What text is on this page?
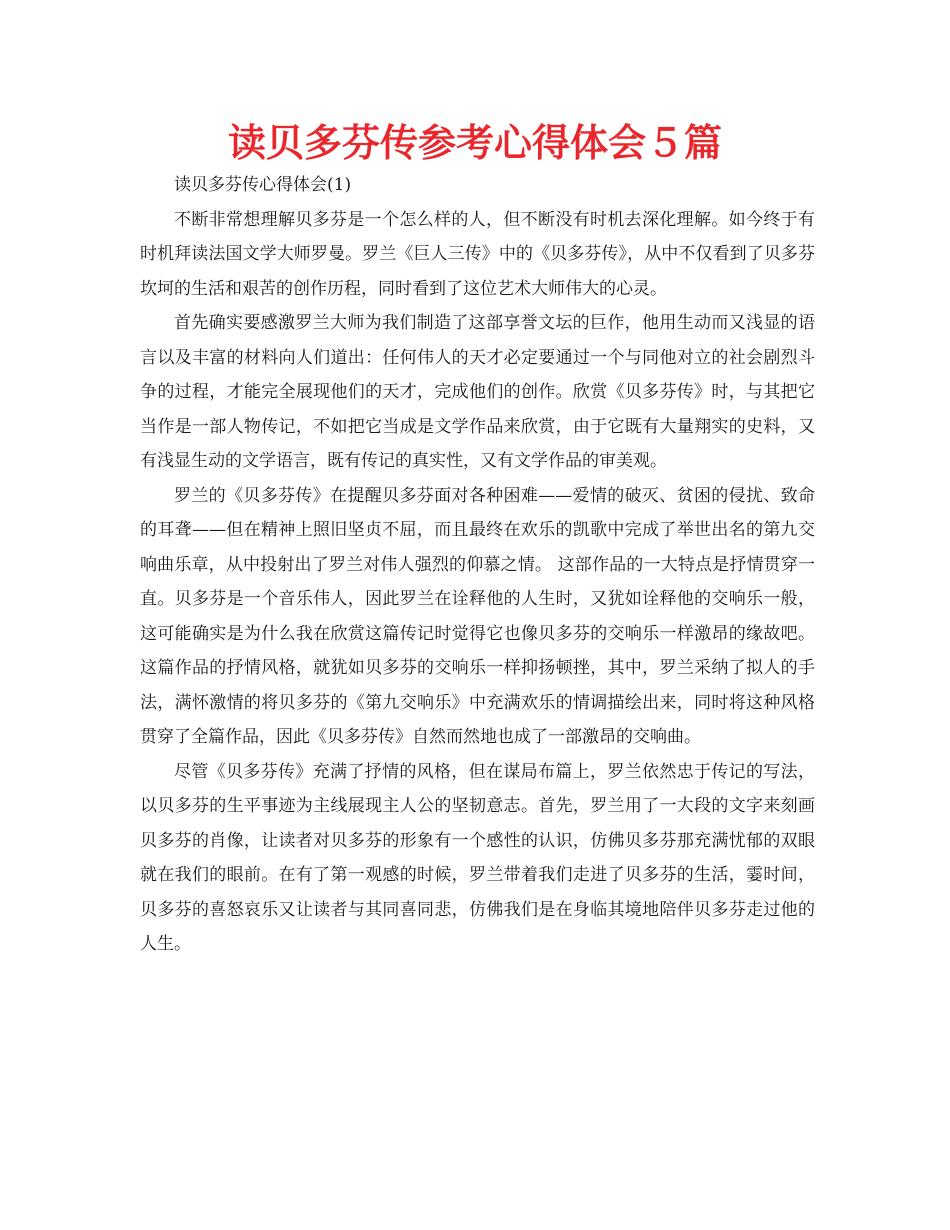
读贝多芬传参考心得体会５篇

读贝多芬传心得体会(1)

不断非常想理解贝多芬是一个怎么样的人，但不断没有时机去深化理解。如今终于有时机拜读法国文学大师罗曼。罗兰《巨人三传》中的《贝多芬传》，从中不仅看到了贝多芬坎坷的生活和艰苦的创作历程，同时看到了这位艺术大师伟大的心灵。

首先确实要感激罗兰大师为我们制造了这部享誉文坛的巨作，他用生动而又浅显的语言以及丰富的材料向人们道出：任何伟人的天才必定要通过一个与同他对立的社会剧烈斗争的过程，才能完全展现他们的天才，完成他们的创作。欣赏《贝多芬传》时，与其把它当作是一部人物传记，不如把它当成是文学作品来欣赏，由于它既有大量翔实的史料，又有浅显生动的文学语言，既有传记的真实性，又有文学作品的审美观。

罗兰的《贝多芬传》在提醒贝多芬面对各种困难——爱情的破灭、贫困的侵扰、致命的耳聋——但在精神上照旧坚贞不屈，而且最终在欢乐的凯歌中完成了举世出名的第九交响曲乐章，从中投射出了罗兰对伟人强烈的仰慕之情。 这部作品的一大特点是抒情贯穿一直。贝多芬是一个音乐伟人，因此罗兰在诠释他的人生时，又犹如诠释他的交响乐一般，这可能确实是为什么我在欣赏这篇传记时觉得它也像贝多芬的交响乐一样激昂的缘故吧。这篇作品的抒情风格，就犹如贝多芬的交响乐一样抑扬顿挫，其中，罗兰采纳了拟人的手法，满怀激情的将贝多芬的《第九交响乐》中充满欢乐的情调描绘出来，同时将这种风格贯穿了全篇作品，因此《贝多芬传》自然而然地也成了一部激昂的交响曲。

尽管《贝多芬传》充满了抒情的风格，但在谋局布篇上，罗兰依然忠于传记的写法，以贝多芬的生平事迹为主线展现主人公的坚韧意志。首先，罗兰用了一大段的文字来刻画贝多芬的肖像，让读者对贝多芬的形象有一个感性的认识，仿佛贝多芬那充满忧郁的双眼就在我们的眼前。在有了第一观感的时候，罗兰带着我们走进了贝多芬的生活，霎时间，贝多芬的喜怒哀乐又让读者与其同喜同悲，仿佛我们是在身临其境地陪伴贝多芬走过他的人生。
